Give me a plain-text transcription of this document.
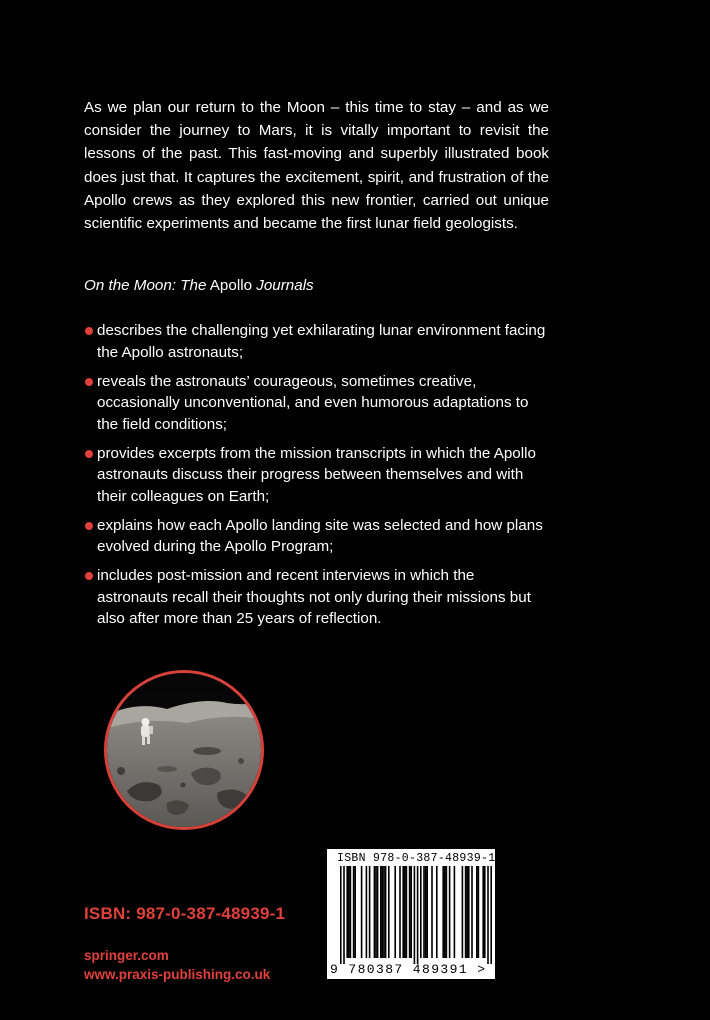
As we plan our return to the Moon – this time to stay – and as we consider the journey to Mars, it is vitally important to revisit the lessons of the past. This fast-moving and superbly illustrated book does just that. It captures the excitement, spirit, and frustration of the Apollo crews as they explored this new frontier, carried out unique scientific experiments and became the first lunar field geologists.

On the Moon: The Apollo Journals

describes the challenging yet exhilarating lunar environment facing the Apollo astronauts;
reveals the astronauts’ courageous, sometimes creative, occasionally unconventional, and even humorous adaptations to the field conditions;
provides excerpts from the mission transcripts in which the Apollo astronauts discuss their progress between themselves and with their colleagues on Earth;
explains how each Apollo landing site was selected and how plans evolved during the Apollo Program;
includes post-mission and recent interviews in which the astronauts recall their thoughts not only during their missions but also after more than 25 years of reflection.

ISBN: 987-0-387-48939-1

springer.com
www.praxis-publishing.co.uk
ISBN 978-0-387-48939-1
9 780387 489391 >
